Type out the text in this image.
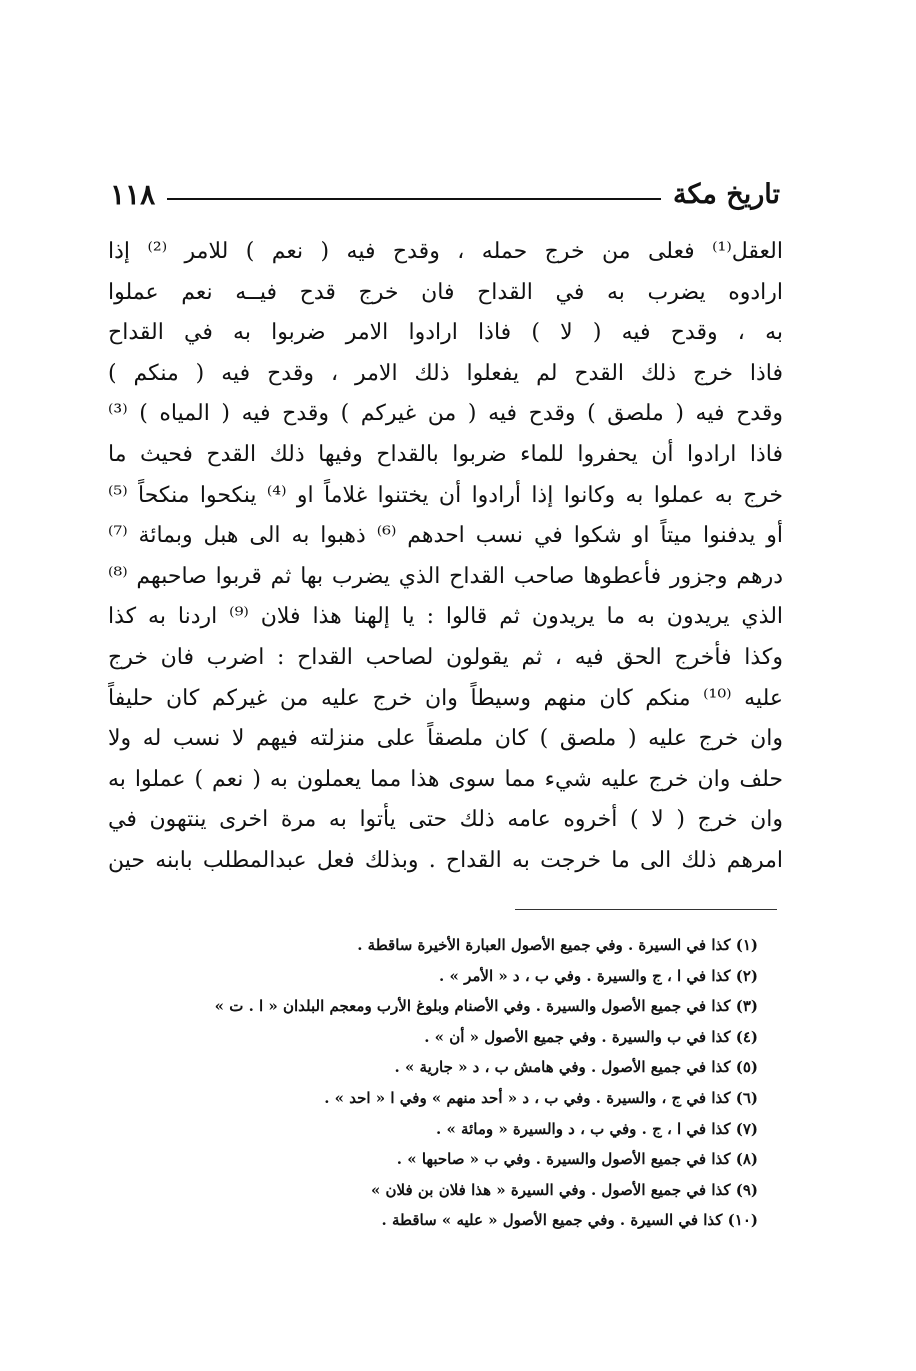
تاريخ مكة
١١٨
العقل⁽¹⁾ فعلى من خرج حمله ، وقدح فيه ( نعم ) للامر ⁽²⁾ إذا
ارادوه يضرب به في القداح فان خرج قدح فيــه نعم عملوا
به ، وقدح فيه ( لا ) فاذا ارادوا الامر ضربوا به في القداح
فاذا خرج ذلك القدح لم يفعلوا ذلك الامر ، وقدح فيه ( منكم )
وقدح فيه ( ملصق ) وقدح فيه ( من غيركم ) وقدح فيه ( المياه ) ⁽³⁾
فاذا ارادوا أن يحفروا للماء ضربوا بالقداح وفيها ذلك القدح فحيث ما
خرج به عملوا به وكانوا إذا أرادوا أن يختنوا غلاماً او ⁽⁴⁾ ينكحوا منكحاً ⁽⁵⁾
أو يدفنوا ميتاً او شكوا في نسب احدهم ⁽⁶⁾ ذهبوا به الى هبل وبمائة ⁽⁷⁾
درهم وجزور فأعطوها صاحب القداح الذي يضرب بها ثم قربوا صاحبهم ⁽⁸⁾
الذي يريدون به ما يريدون ثم قالوا : يا إلهنا هذا فلان ⁽⁹⁾ اردنا به كذا
وكذا فأخرج الحق فيه ، ثم يقولون لصاحب القداح : اضرب فان خرج
عليه ⁽¹⁰⁾ منكم كان منهم وسيطاً وان خرج عليه من غيركم كان حليفاً
وان خرج عليه ( ملصق ) كان ملصقاً على منزلته فيهم لا نسب له ولا
حلف وان خرج عليه شيء مما سوى هذا مما يعملون به ( نعم ) عملوا به
وان خرج ( لا ) أخروه عامه ذلك حتى يأتوا به مرة اخرى ينتهون في
امرهم ذلك الى ما خرجت به القداح . وبذلك فعل عبدالمطلب بابنه حين
(١) كذا في السيرة . وفي جميع الأصول العبارة الأخيرة ساقطة .
(٢) كذا في ا ، ج والسيرة . وفي ب ، د « الأمر » .
(٣) كذا في جميع الأصول والسيرة . وفي الأصنام وبلوغ الأرب ومعجم البلدان « ا . ت »
(٤) كذا في ب والسيرة . وفي جميع الأصول « أن » .
(٥) كذا في جميع الأصول . وفي هامش ب ، د « جارية » .
(٦) كذا في ج ، والسيرة . وفي ب ، د « أحد منهم » وفي ا « احد » .
(٧) كذا في ا ، ج . وفي ب ، د والسيرة « ومائة » .
(٨) كذا في جميع الأصول والسيرة . وفي ب « صاحبها » .
(٩) كذا في جميع الأصول . وفي السيرة « هذا فلان بن فلان »
(١٠) كذا في السيرة . وفي جميع الأصول « عليه » ساقطة .
